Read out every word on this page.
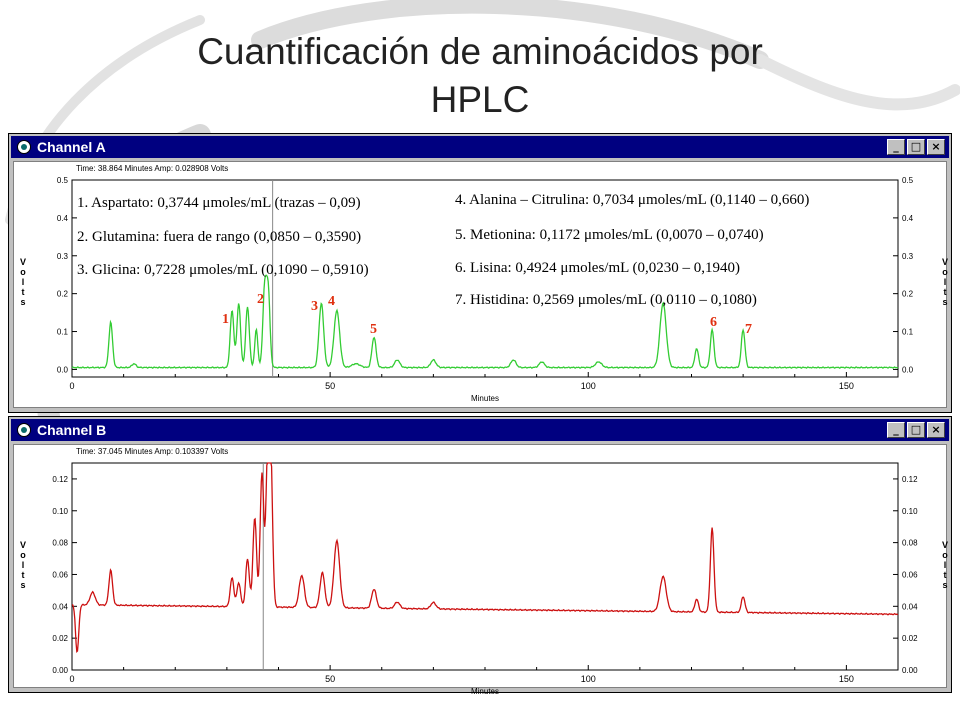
Cuantificación de aminoácidos por
HPLC
Channel A	_	□ ×
Time: 38.864 Minutes Amp: 0.028908 Volts
0.0	0.0
0.1	0.1
0.2	0.2
0.3	0.3
0.4	0.4
0.5	0.5
0	50	100	150
Minutes
V
o
l
t
s
V
o
l
t
s
1. Aspartato: 0,3744 μmoles/mL (trazas – 0,09)
2. Glutamina: fuera de rango (0,0850 – 0,3590)
3. Glicina: 0,7228 μmoles/mL (0,1090 – 0,5910)
4. Alanina – Citrulina: 0,7034 μmoles/mL (0,1140 – 0,660)
5. Metionina: 0,1172 μmoles/mL (0,0070 – 0,0740)
6. Lisina: 0,4924 μmoles/mL (0,0230 – 0,1940)
7. Histidina: 0,2569 μmoles/mL (0,0110 – 0,1080)
1
2	3 4
5	6 7
Channel B	_	□ ×
Time: 37.045 Minutes Amp: 0.103397 Volts
0.00	0.00
0.02	0.02
0.04	0.04
0.06	0.06
0.08	0.08
0.10	0.10
0.12	0.12
0	50	100	150
Minutes
V
o
l
t
s
V
o
l
t
s
